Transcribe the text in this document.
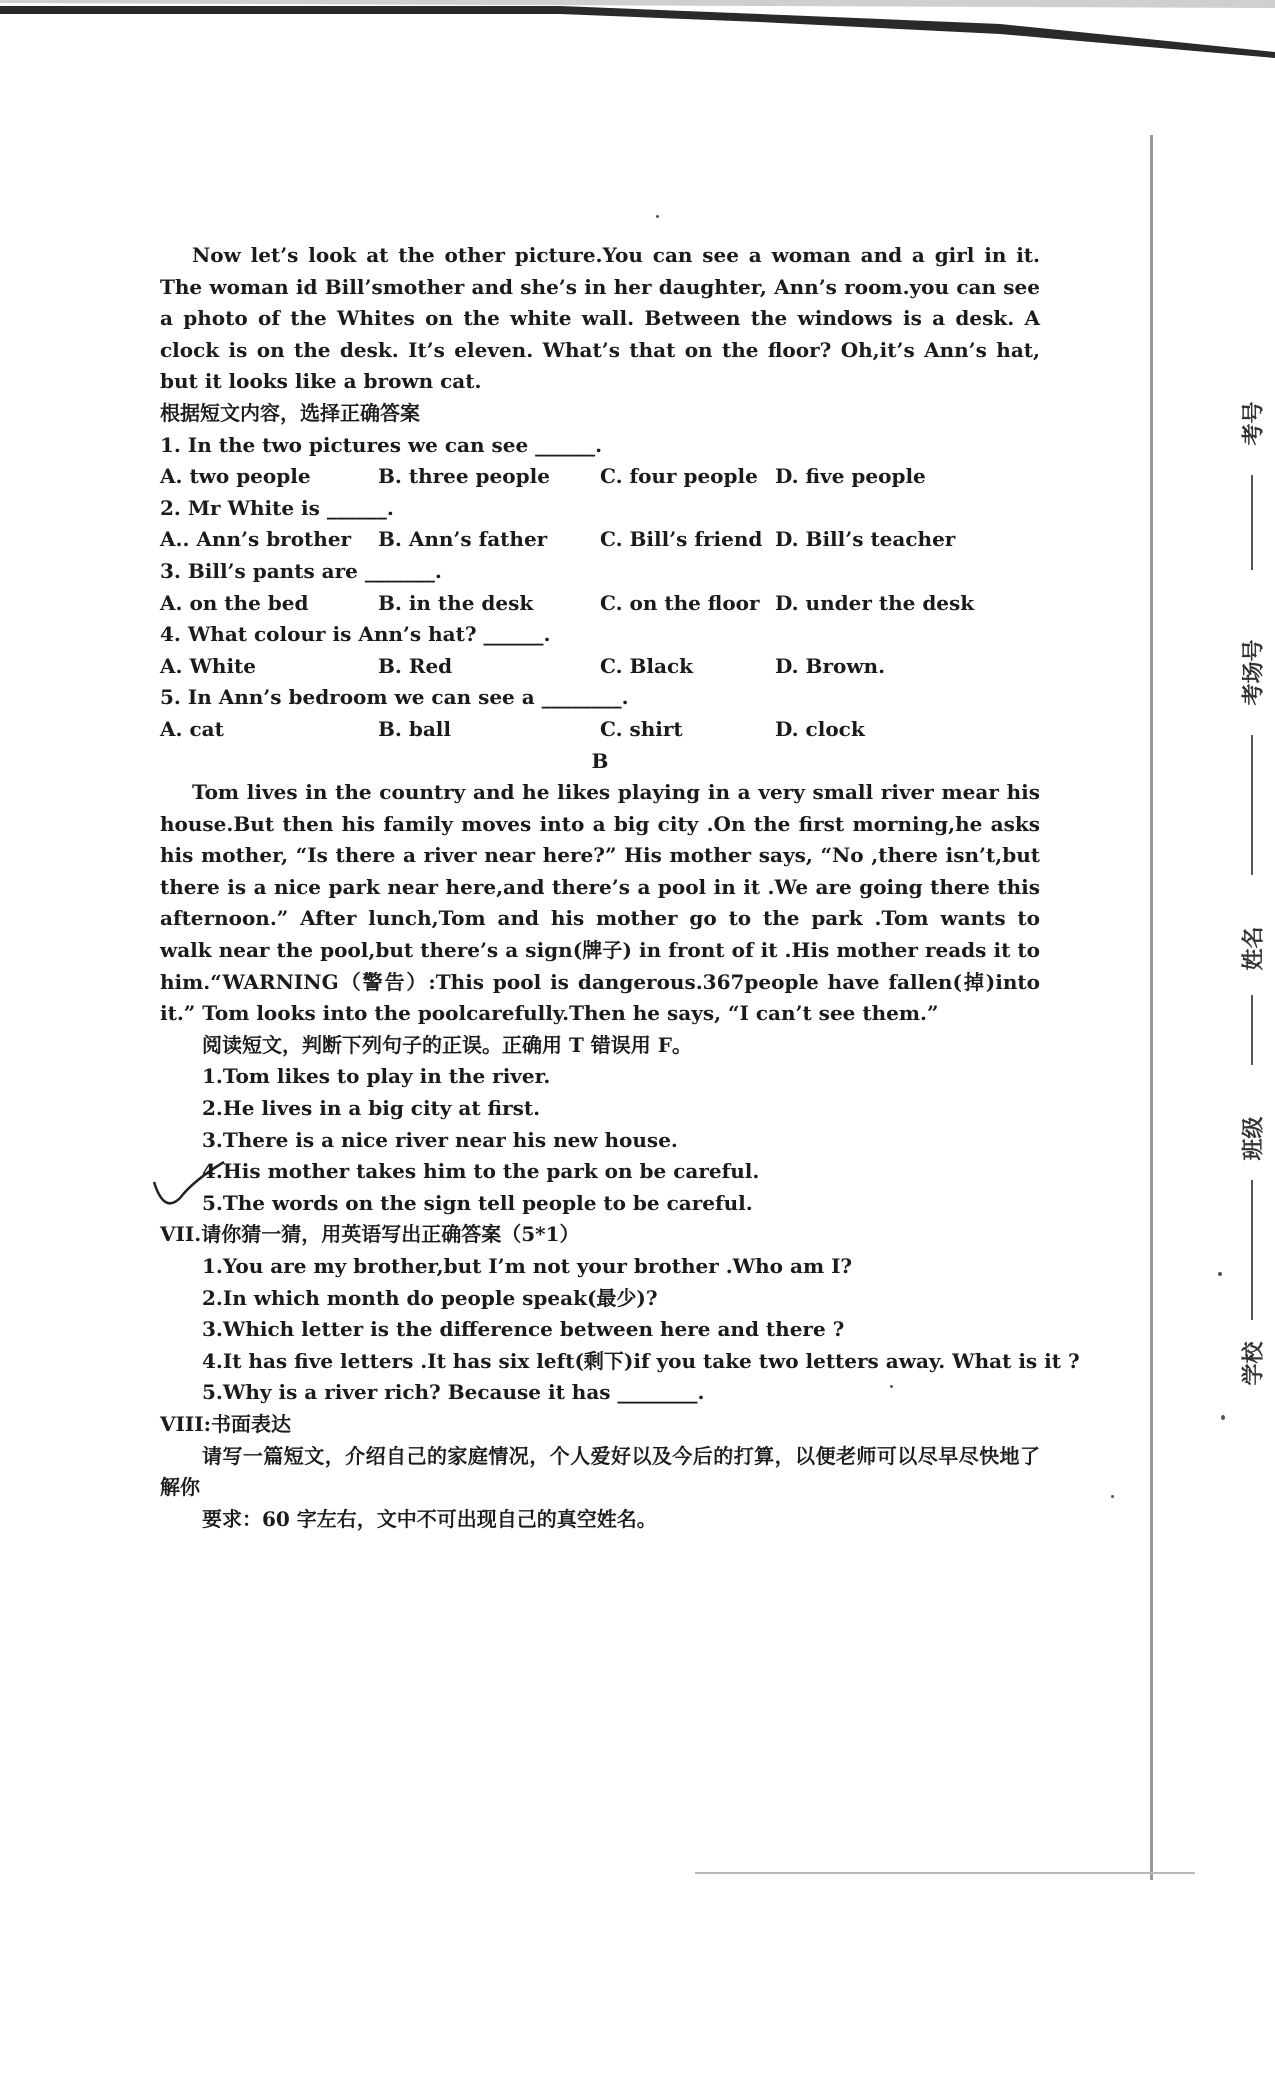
考号
考场号
姓名
班级
学校

Now let’s look at the other picture.You can see a woman and a girl in it. The woman id Bill’smother and she’s in her daughter, Ann’s room.you can see a photo of the Whites on the white wall. Between the windows is a desk. A clock is on the desk. It’s eleven. What’s that on the floor? Oh,it’s Ann’s hat, but it looks like a brown cat.

根据短文内容，选择正确答案

1. In the two pictures we can see ______.

A. two people	B. three people	C. four people D. five people

2. Mr White is ______.

A.. Ann’s brother	B. Ann’s father	C. Bill’s friend D. Bill’s teacher

3. Bill’s pants are _______.

A. on the bed	B. in the desk	C. on the floor D. under the desk

4. What colour is Ann’s hat? ______.

A. White	B. Red	C. Black	D. Brown.

5. In Ann’s bedroom we can see a ________.

A. cat	B. ball	C. shirt	D. clock

B

Tom lives in the country and he likes playing in a very small river mear his house.But then his family moves into a big city .On the first morning,he asks his mother, “Is there a river near here?” His mother says, “No ,there isn’t,but there is a nice park near here,and there’s a pool in it .We are going there this afternoon.” After lunch,Tom and his mother go to the park .Tom wants to walk near the pool,but there’s a sign(牌子) in front of it .His mother reads it to him.“WARNING（警告）:This pool is dangerous.367people have fallen(掉)into it.” Tom looks into the poolcarefully.Then he says, “I can’t see them.”

阅读短文，判断下列句子的正误。正确用 T 错误用 F。

1.Tom likes to play in the river.

2.He lives in a big city at first.

3.There is a nice river near his new house.

4.His mother takes him to the park on be careful.

5.The words on the sign tell people to be careful.

VII.请你猜一猜，用英语写出正确答案（5*1）

1.You are my brother,but I’m not your brother .Who am I?

2.In which month do people speak(最少)?

3.Which letter is the difference between here and there ?

4.It has five letters .It has six left(剩下)if you take two letters away. What is it ?

5.Why is a river rich? Because it has ________.

VIII:书面表达

请写一篇短文，介绍自己的家庭情况，个人爱好以及今后的打算，以便老师可以尽早尽快地了解你

要求：60 字左右，文中不可出现自己的真空姓名。
